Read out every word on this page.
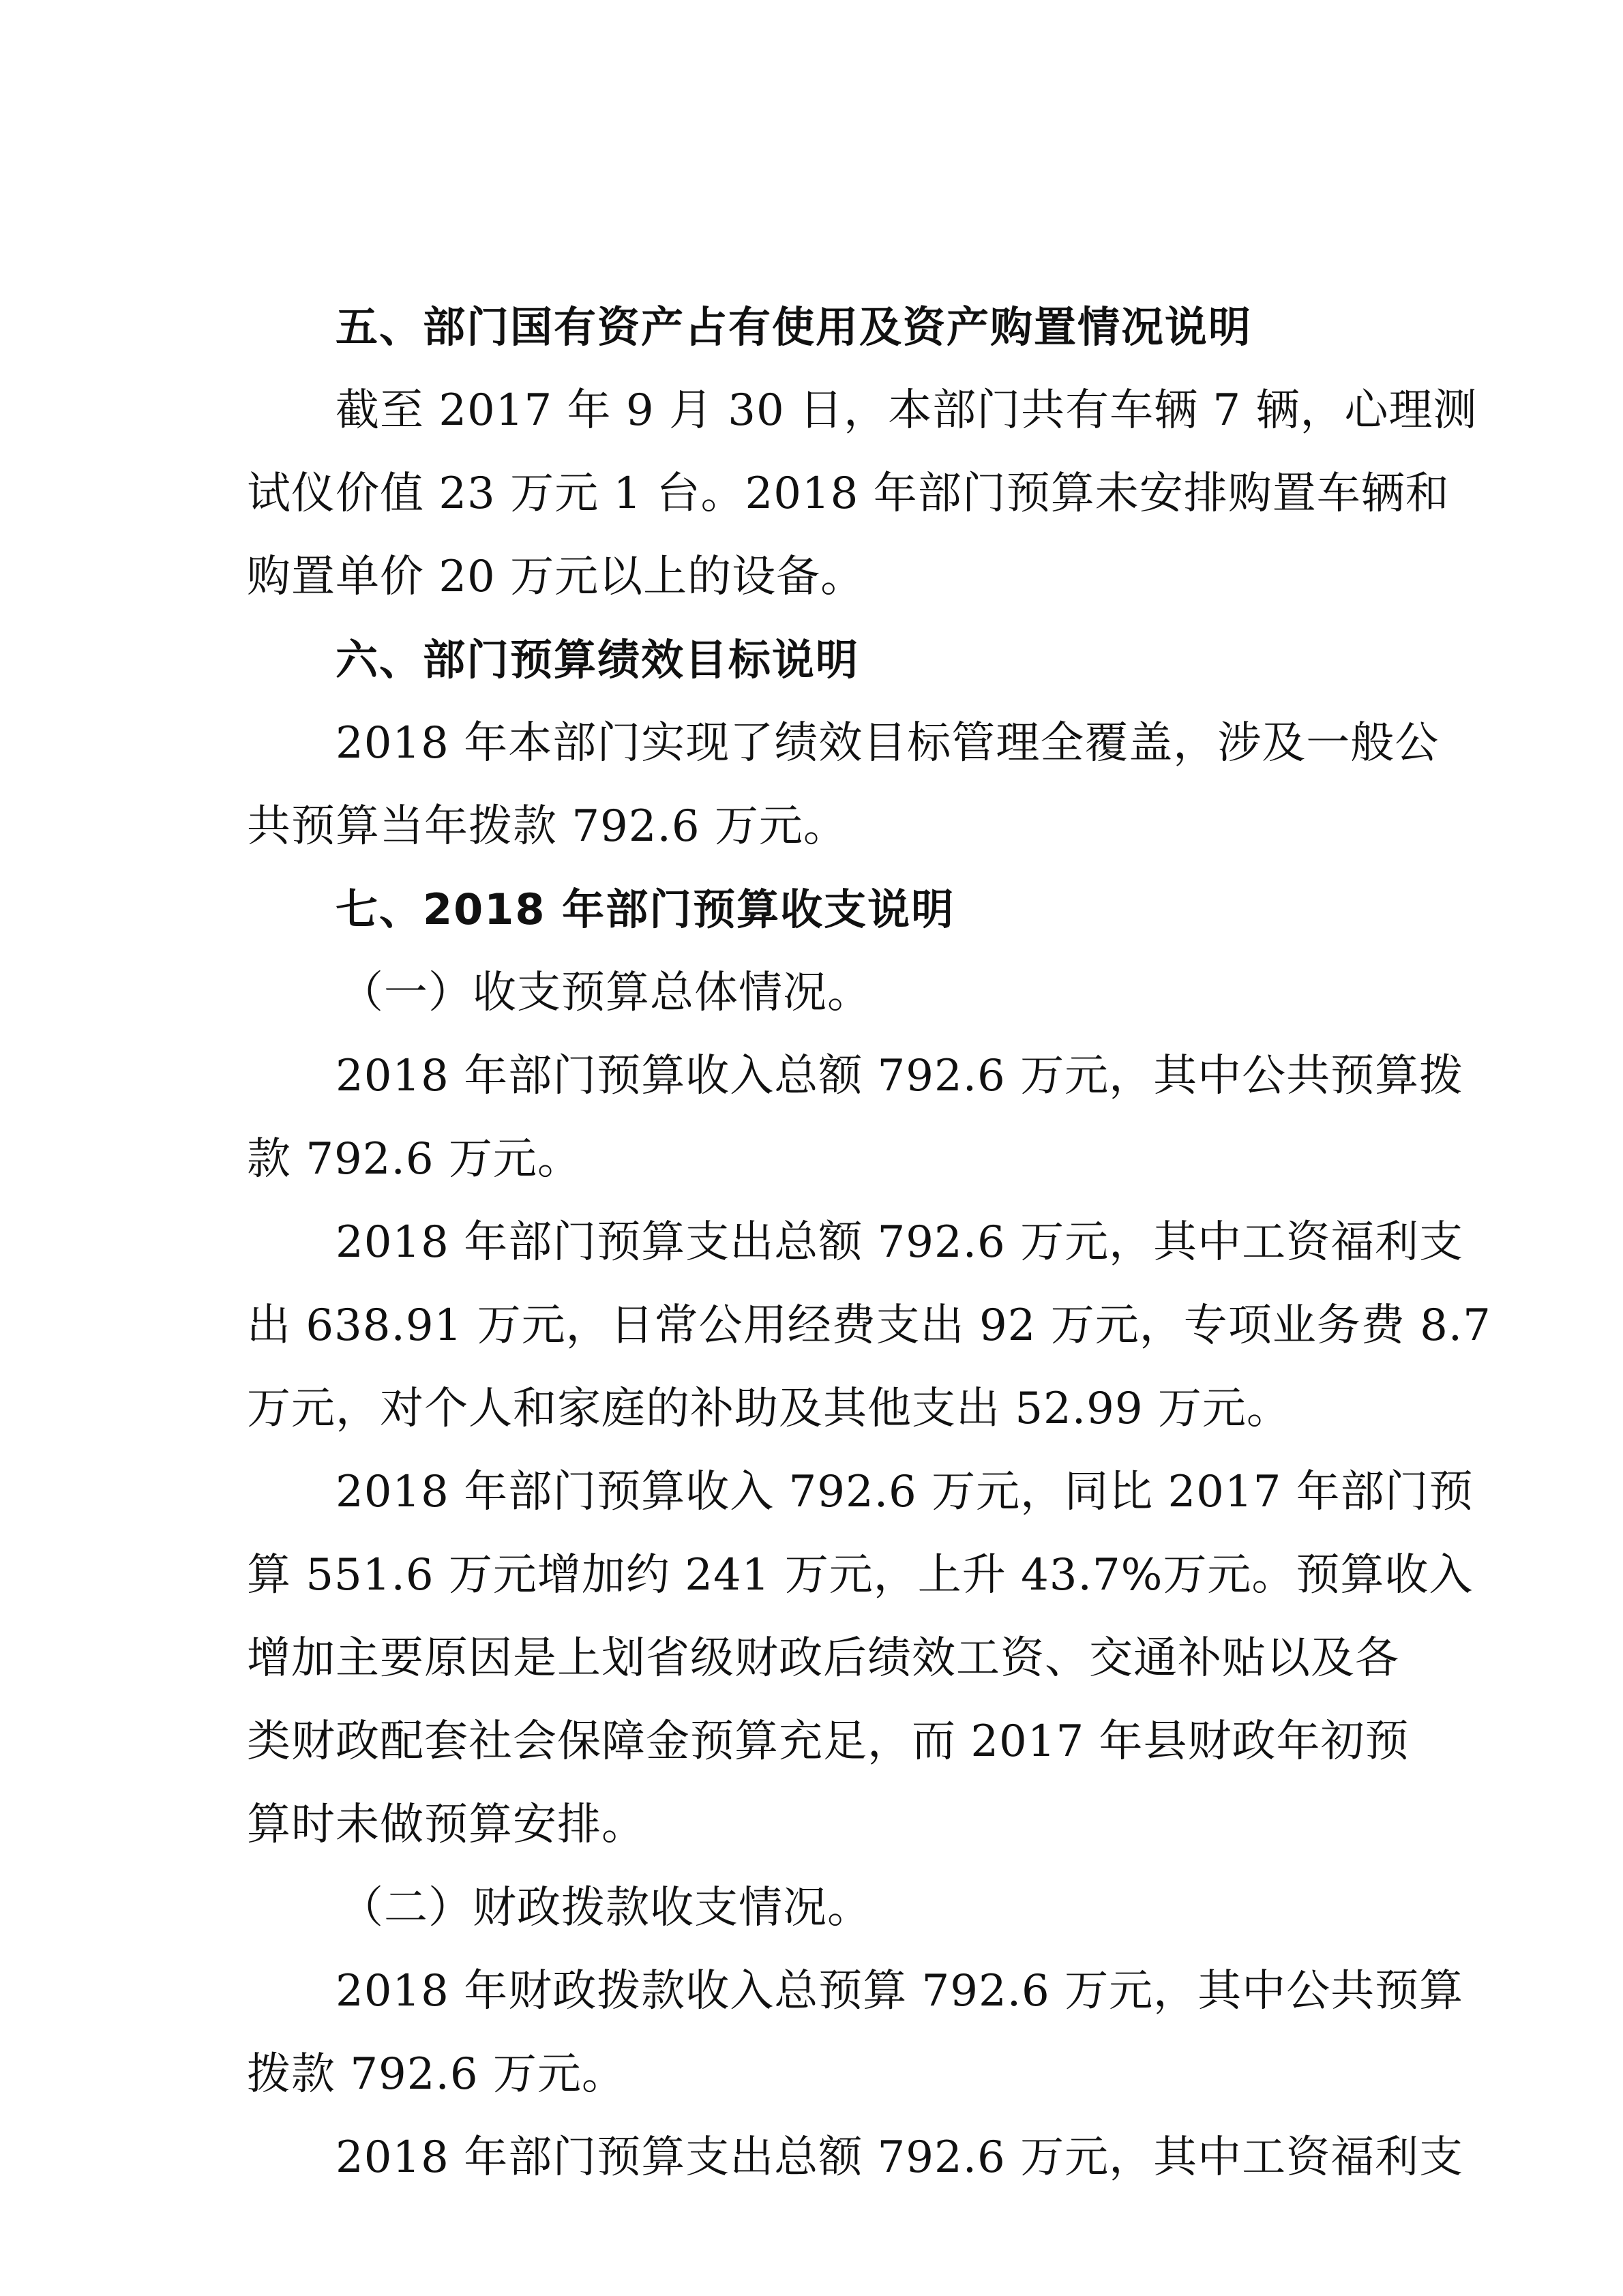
五、部门国有资产占有使用及资产购置情况说明
截至 2017 年 9 月 30 日，本部门共有车辆 7 辆，心理测
试仪价值 23 万元 1 台。2018 年部门预算未安排购置车辆和
购置单价 20 万元以上的设备。
六、部门预算绩效目标说明
2018 年本部门实现了绩效目标管理全覆盖，涉及一般公
共预算当年拨款 792.6 万元。
七、2018 年部门预算收支说明
（一）收支预算总体情况。
2018 年部门预算收入总额 792.6 万元，其中公共预算拨
款 792.6 万元。
2018 年部门预算支出总额 792.6 万元，其中工资福利支
出 638.91 万元，日常公用经费支出 92 万元，专项业务费 8.7
万元，对个人和家庭的补助及其他支出 52.99 万元。
2018 年部门预算收入 792.6 万元，同比 2017 年部门预
算 551.6 万元增加约 241 万元，上升 43.7%万元。预算收入
增加主要原因是上划省级财政后绩效工资、交通补贴以及各
类财政配套社会保障金预算充足，而 2017 年县财政年初预
算时未做预算安排。
（二）财政拨款收支情况。
2018 年财政拨款收入总预算 792.6 万元，其中公共预算
拨款 792.6 万元。
2018 年部门预算支出总额 792.6 万元，其中工资福利支
